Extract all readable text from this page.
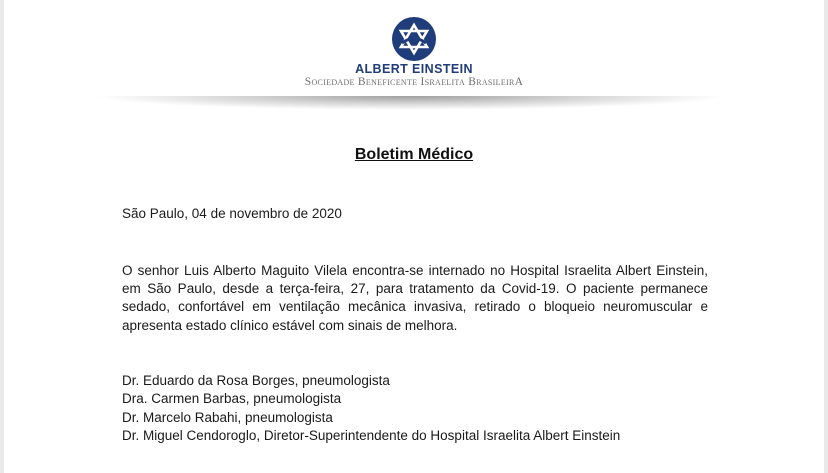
ALBERT EINSTEIN
Sociedade Beneficente Israelita BrasileirA
Boletim Médico
São Paulo, 04 de novembro de 2020

O senhor Luis Alberto Maguito Vilela encontra-se internado no Hospital Israelita Albert Einstein, em São Paulo, desde a terça-feira, 27, para tratamento da Covid-19. O paciente permanece sedado, confortável em ventilação mecânica invasiva, retirado o bloqueio neuromuscular e apresenta estado clínico estável com sinais de melhora.

Dr. Eduardo da Rosa Borges, pneumologista
Dra. Carmen Barbas, pneumologista
Dr. Marcelo Rabahi, pneumologista
Dr. Miguel Cendoroglo, Diretor-Superintendente do Hospital Israelita Albert Einstein
